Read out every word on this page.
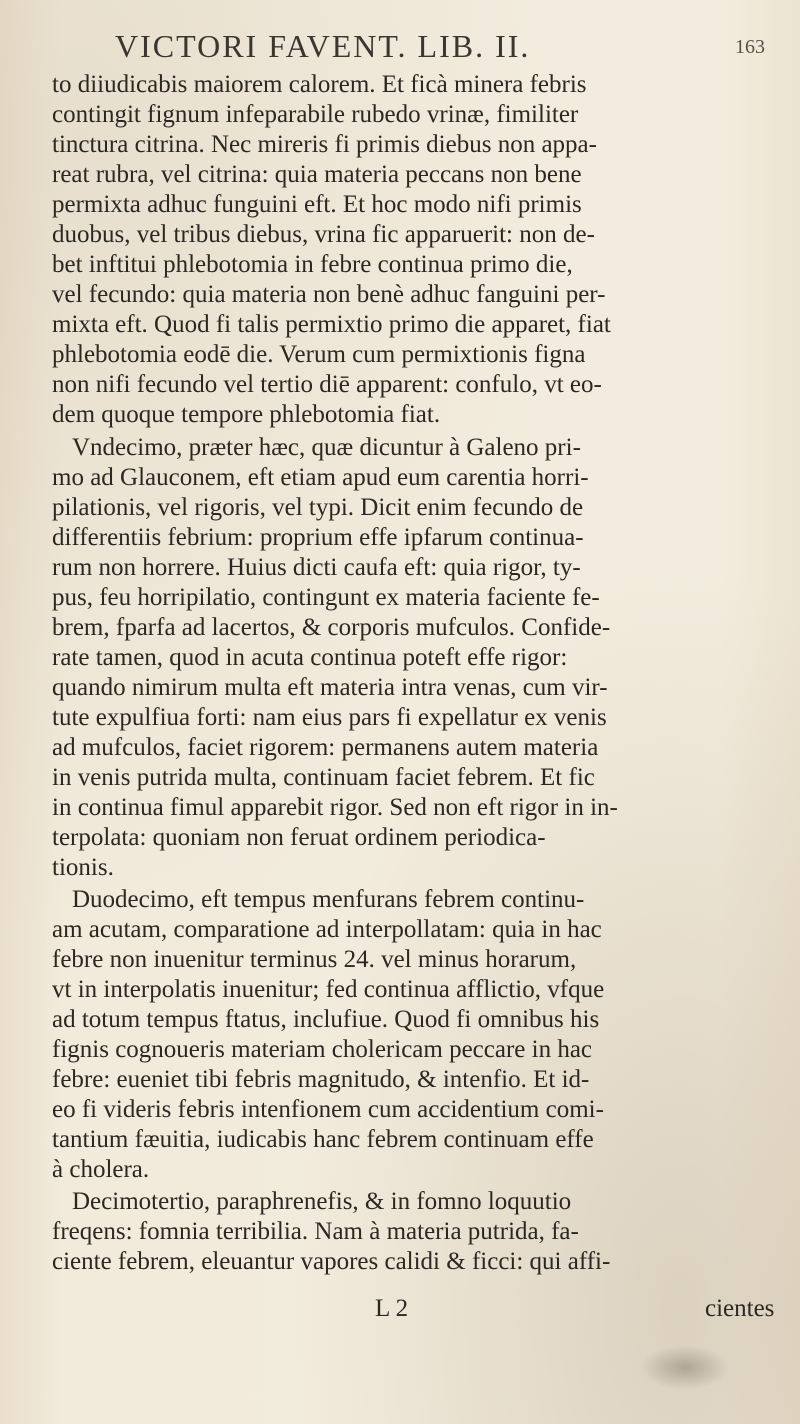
VICTORI FAVENT. LIB. II.	163
to diiudicabis maiorem calorem. Et ficà minera febris
contingit fignum infeparabile rubedo vrinæ, fimiliter
tinctura citrina. Nec mireris fi primis diebus non appa-
reat rubra, vel citrina: quia materia peccans non bene
permixta adhuc funguini eft. Et hoc modo nifi primis
duobus, vel tribus diebus, vrina fic apparuerit: non de-
bet inftitui phlebotomia in febre continua primo die,
vel fecundo: quia materia non benè adhuc fanguini per-
mixta eft. Quod fi talis permixtio primo die apparet, fiat
phlebotomia eodē die. Verum cum permixtionis figna
non nifi fecundo vel tertio diē apparent: confulo, vt eo-
dem quoque tempore phlebotomia fiat.
Vndecimo, præter hæc, quæ dicuntur à Galeno pri-
mo ad Glauconem, eft etiam apud eum carentia horri-
pilationis, vel rigoris, vel typi. Dicit enim fecundo de
differentiis febrium: proprium effe ipfarum continua-
rum non horrere. Huius dicti caufa eft: quia rigor, ty-
pus, feu horripilatio, contingunt ex materia faciente fe-
brem, fparfa ad lacertos, & corporis mufculos. Confide-
rate tamen, quod in acuta continua poteft effe rigor:
quando nimirum multa eft materia intra venas, cum vir-
tute expulfiua forti: nam eius pars fi expellatur ex venis
ad mufculos, faciet rigorem: permanens autem materia
in venis putrida multa, continuam faciet febrem. Et fic
in continua fimul apparebit rigor. Sed non eft rigor in in-
terpolata: quoniam non feruat ordinem periodica-
tionis.
Duodecimo, eft tempus menfurans febrem continu-
am acutam, comparatione ad interpollatam: quia in hac
febre non inuenitur terminus 24. vel minus horarum,
vt in interpolatis inuenitur; fed continua afflictio, vfque
ad totum tempus ftatus, inclufiue. Quod fi omnibus his
fignis cognoueris materiam cholericam peccare in hac
febre: eueniet tibi febris magnitudo, & intenfio. Et id-
eo fi videris febris intenfionem cum accidentium comi-
tantium fæuitia, iudicabis hanc febrem continuam effe
à cholera.
Decimotertio, paraphrenefis, & in fomno loquutio
freqens: fomnia terribilia. Nam à materia putrida, fa-
ciente febrem, eleuantur vapores calidi & ficci: qui affi-
L 2	cientes
